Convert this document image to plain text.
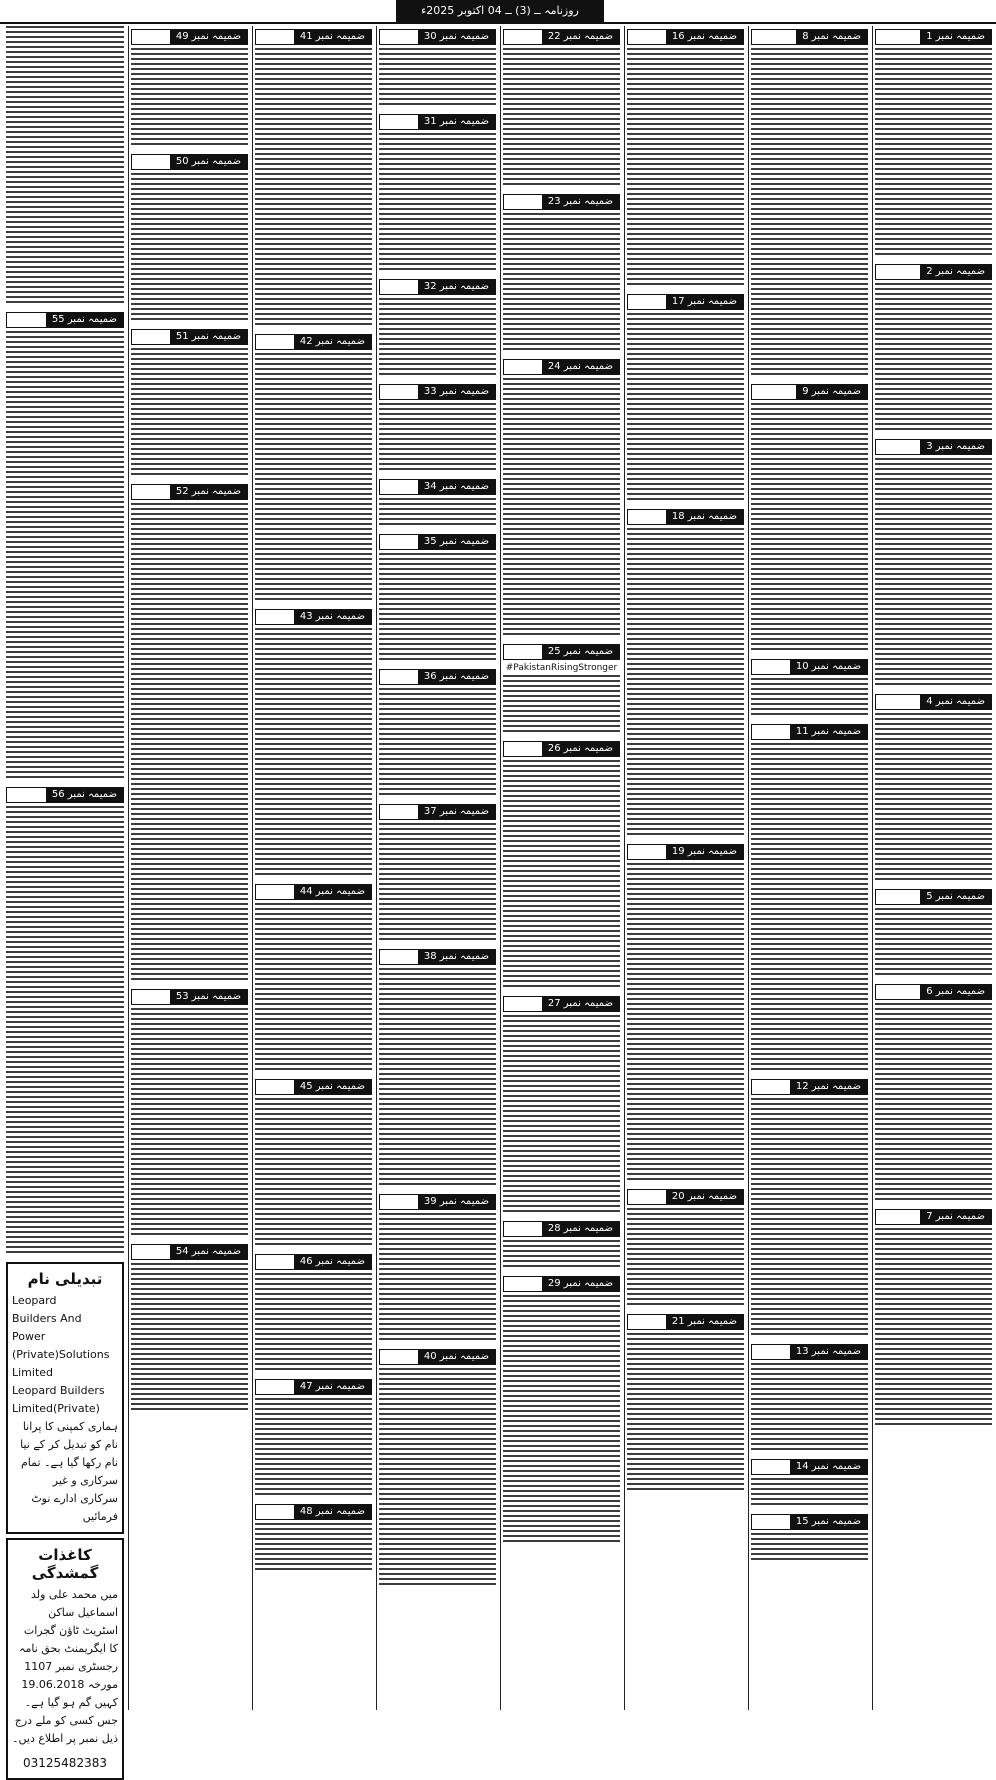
روزنامہ ــ (3) ــ 04 اکتوبر 2025ء
ضمیمہ نمبر 1
ضمیمہ نمبر 2
ضمیمہ نمبر 3
ضمیمہ نمبر 4
ضمیمہ نمبر 5
ضمیمہ نمبر 6
ضمیمہ نمبر 7
ضمیمہ نمبر 8
ضمیمہ نمبر 9
ضمیمہ نمبر 10
ضمیمہ نمبر 11
ضمیمہ نمبر 12
ضمیمہ نمبر 13
ضمیمہ نمبر 14
ضمیمہ نمبر 15
ضمیمہ نمبر 16
ضمیمہ نمبر 17
ضمیمہ نمبر 18
ضمیمہ نمبر 19
ضمیمہ نمبر 20
ضمیمہ نمبر 21
ضمیمہ نمبر 22
ضمیمہ نمبر 23
ضمیمہ نمبر 24
ضمیمہ نمبر 25
#PakistanRisingStronger
ضمیمہ نمبر 26
ضمیمہ نمبر 27
ضمیمہ نمبر 28
ضمیمہ نمبر 29
ضمیمہ نمبر 30
ضمیمہ نمبر 31
ضمیمہ نمبر 32
ضمیمہ نمبر 33
ضمیمہ نمبر 34
ضمیمہ نمبر 35
ضمیمہ نمبر 36
ضمیمہ نمبر 37
ضمیمہ نمبر 38
ضمیمہ نمبر 39
ضمیمہ نمبر 40
ضمیمہ نمبر 41
ضمیمہ نمبر 42
ضمیمہ نمبر 43
ضمیمہ نمبر 44
ضمیمہ نمبر 45
ضمیمہ نمبر 46
ضمیمہ نمبر 47
ضمیمہ نمبر 48
ضمیمہ نمبر 49
ضمیمہ نمبر 50
ضمیمہ نمبر 51
ضمیمہ نمبر 52
ضمیمہ نمبر 53
ضمیمہ نمبر 54
ضمیمہ نمبر 55
ضمیمہ نمبر 56
تبدیلی نام
Leopard
Builders And Power
(Private)Solutions
Limited
Leopard Builders
Limited(Private)
ہماری کمپنی کا پرانا نام کو تبدیل کر کے نیا نام رکھا گیا ہے۔ تمام سرکاری و غیر سرکاری ادارے نوٹ فرمائیں
کاغذات گمشدگی
میں محمد علی ولد اسماعیل ساکن اسٹریٹ ٹاؤن گجرات کا ایگریمنٹ بحق نامہ رجسٹری نمبر 1107 مورخہ 19.06.2018 کہیں گم ہو گیا ہے۔ جس کسی کو ملے درج ذیل نمبر پر اطلاع دیں۔
03125482383
